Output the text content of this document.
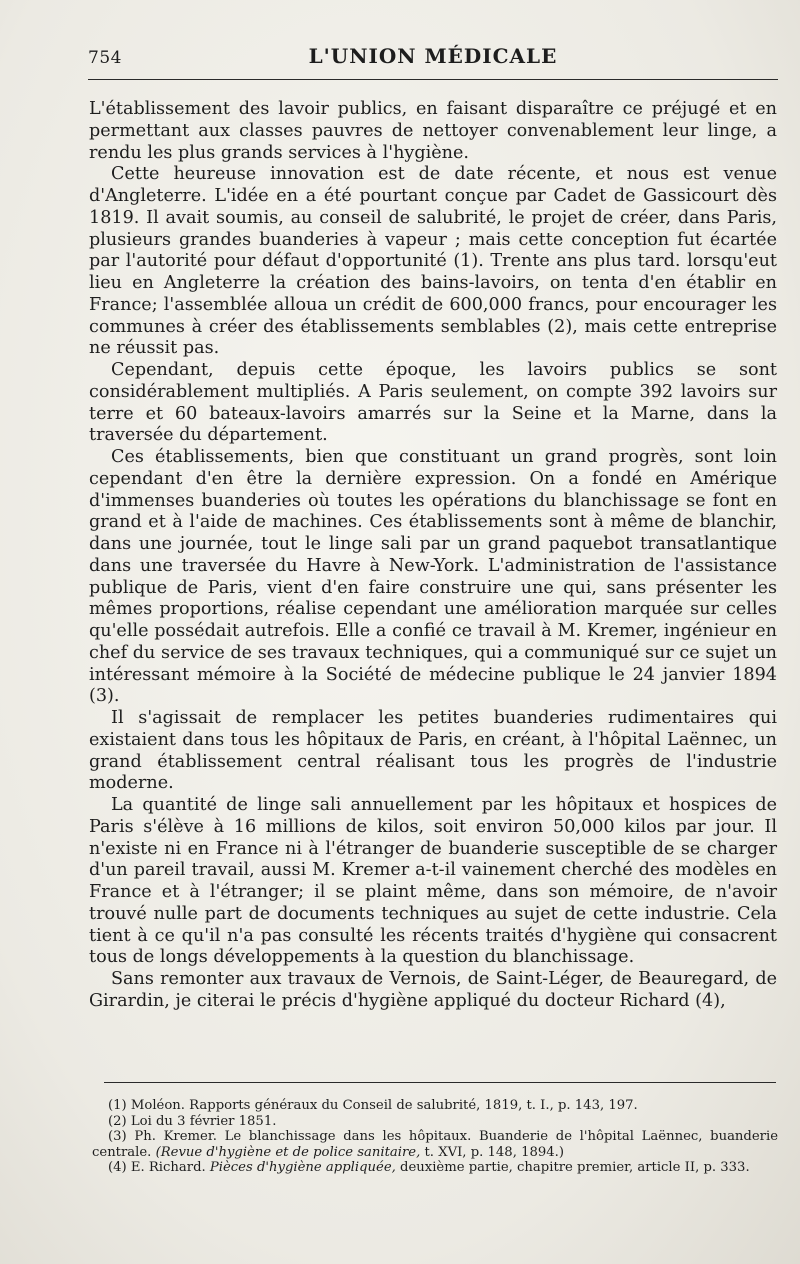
754	L'UNION MÉDICALE

L'établissement des lavoir publics, en faisant disparaître ce préjugé et en permettant aux classes pauvres de nettoyer convenablement leur linge, a rendu les plus grands services à l'hygiène.

Cette heureuse innovation est de date récente, et nous est venue d'Angleterre. L'idée en a été pourtant conçue par Cadet de Gassicourt dès 1819. Il avait soumis, au conseil de salubrité, le projet de créer, dans Paris, plusieurs grandes buanderies à vapeur ; mais cette conception fut écartée par l'autorité pour défaut d'opportunité (1). Trente ans plus tard. lorsqu'eut lieu en Angleterre la création des bains-lavoirs, on tenta d'en établir en France; l'assemblée alloua un crédit de 600,000 francs, pour encourager les communes à créer des établissements semblables (2), mais cette entreprise ne réussit pas.

Cependant, depuis cette époque, les lavoirs publics se sont considérablement multipliés. A Paris seulement, on compte 392 lavoirs sur terre et 60 bateaux-lavoirs amarrés sur la Seine et la Marne, dans la traversée du département.

Ces établissements, bien que constituant un grand progrès, sont loin cependant d'en être la dernière expression. On a fondé en Amérique d'immenses buanderies où toutes les opérations du blanchissage se font en grand et à l'aide de machines. Ces établissements sont à même de blanchir, dans une journée, tout le linge sali par un grand paquebot transatlantique dans une traversée du Havre à New-York. L'administration de l'assistance publique de Paris, vient d'en faire construire une qui, sans présenter les mêmes proportions, réalise cependant une amélioration marquée sur celles qu'elle possédait autrefois. Elle a confié ce travail à M. Kremer, ingénieur en chef du service de ses travaux techniques, qui a communiqué sur ce sujet un intéressant mémoire à la Société de médecine publique le 24 janvier 1894 (3).

Il s'agissait de remplacer les petites buanderies rudimentaires qui existaient dans tous les hôpitaux de Paris, en créant, à l'hôpital Laënnec, un grand établissement central réalisant tous les progrès de l'industrie moderne.

La quantité de linge sali annuellement par les hôpitaux et hospices de Paris s'élève à 16 millions de kilos, soit environ 50,000 kilos par jour. Il n'existe ni en France ni à l'étranger de buanderie susceptible de se charger d'un pareil travail, aussi M. Kremer a-t-il vainement cherché des modèles en France et à l'étranger; il se plaint même, dans son mémoire, de n'avoir trouvé nulle part de documents techniques au sujet de cette industrie. Cela tient à ce qu'il n'a pas consulté les récents traités d'hygiène qui consacrent tous de longs développements à la question du blanchissage.

Sans remonter aux travaux de Vernois, de Saint-Léger, de Beauregard, de Girardin, je citerai le précis d'hygiène appliqué du docteur Richard (4),

(1) Moléon. Rapports généraux du Conseil de salubrité, 1819, t. I., p. 143, 197.

(2) Loi du 3 février 1851.

(3) Ph. Kremer. Le blanchissage dans les hôpitaux. Buanderie de l'hôpital Laënnec, buanderie centrale. (Revue d'hygiène et de police sanitaire, t. XVI, p. 148, 1894.)

(4) E. Richard. Pièces d'hygiène appliquée, deuxième partie, chapitre premier, article II, p. 333.
